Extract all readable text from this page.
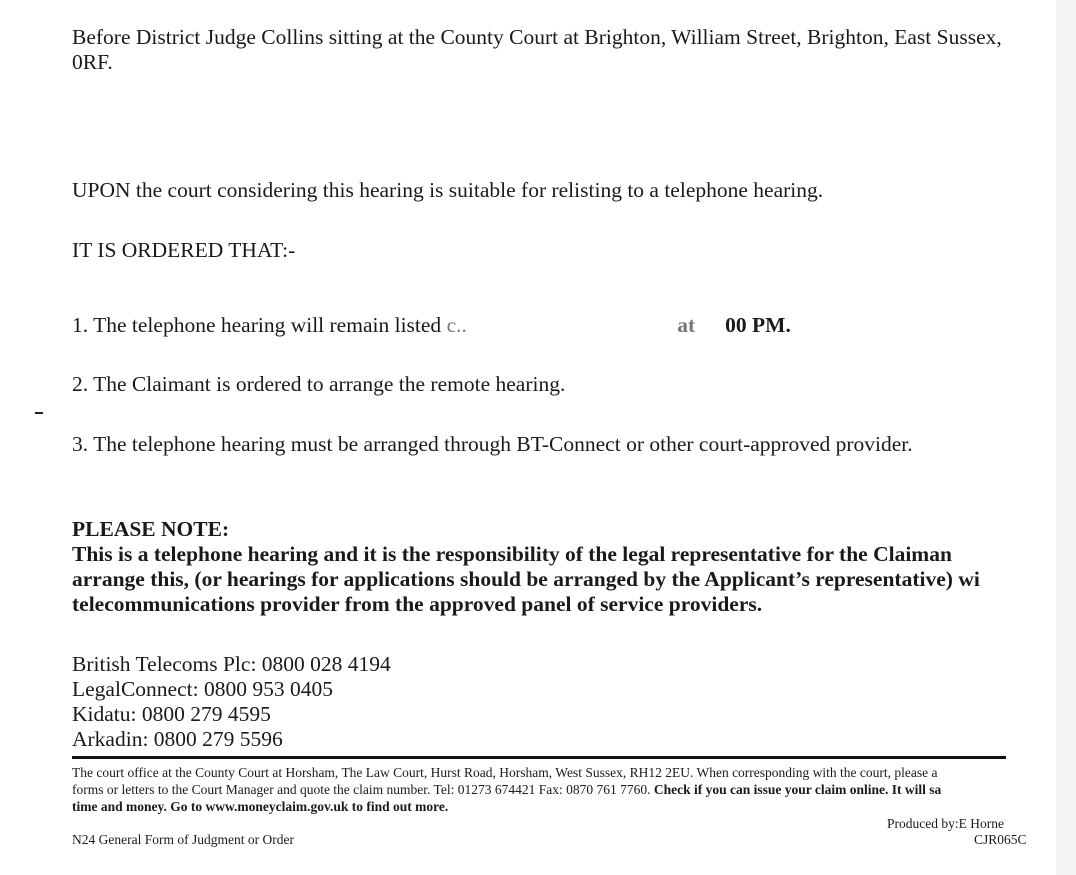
Before District Judge Collins sitting at the County Court at Brighton, William Street, Brighton, East Sussex,
0RF.
UPON the court considering this hearing is suitable for relisting to a telephone hearing.
IT IS ORDERED THAT:-
1. The telephone hearing will remain listed c..	at 00 PM.
2. The Claimant is ordered to arrange the remote hearing.
3. The telephone hearing must be arranged through BT-Connect or other court-approved provider.
PLEASE NOTE:
This is a telephone hearing and it is the responsibility of the legal representative for the Claiman
arrange this, (or hearings for applications should be arranged by the Applicant’s representative) wi
telecommunications provider from the approved panel of service providers.
British Telecoms Plc: 0800 028 4194
LegalConnect: 0800 953 0405
Kidatu: 0800 279 4595
Arkadin: 0800 279 5596
The court office at the County Court at Horsham, The Law Court, Hurst Road, Horsham, West Sussex, RH12 2EU. When corresponding with the court, please a
forms or letters to the Court Manager and quote the claim number. Tel: 01273 674421 Fax: 0870 761 7760. Check if you can issue your claim online. It will sa
time and money. Go to www.moneyclaim.gov.uk to find out more.
Produced by:E Horne
N24 General Form of Judgment or Order	CJR065C
